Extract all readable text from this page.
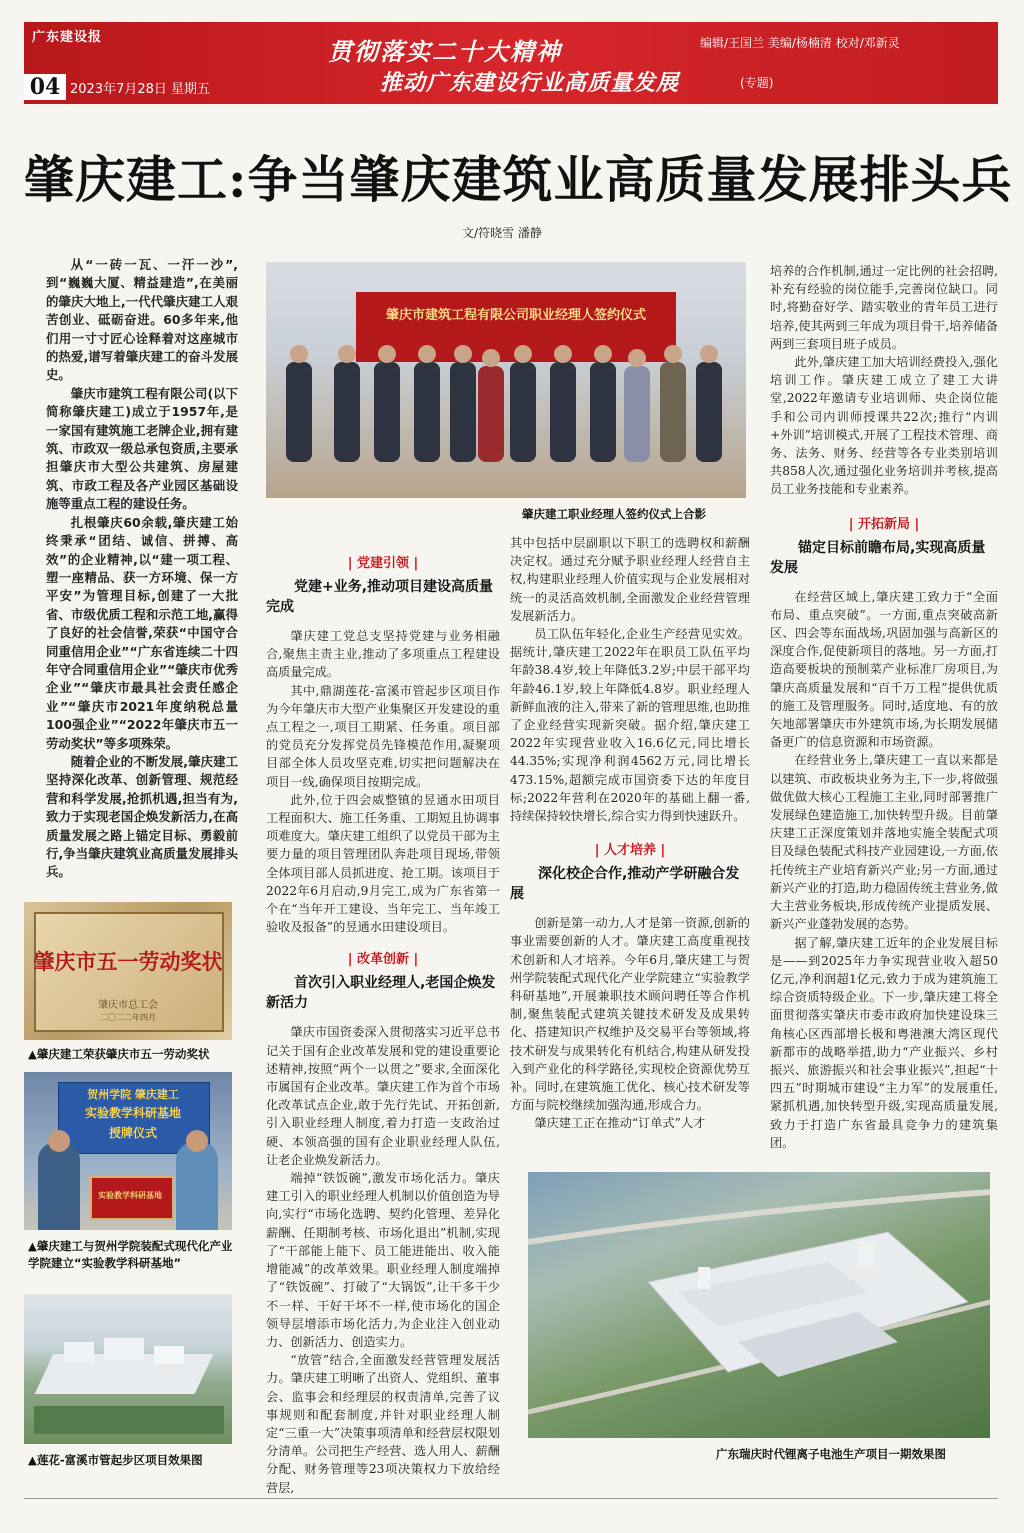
广东建设报
04 2023年7月28日 星期五
贯彻落实二十大精神
推动广东建设行业高质量发展	(专题)
编辑/王国兰 美编/杨楠清 校对/邓新灵
肇庆建工:争当肇庆建筑业高质量发展排头兵
文/符晓雪 潘静

从“一砖一瓦、一汗一沙”,到“巍巍大厦、精益建造”,在美丽的肇庆大地上,一代代肇庆建工人艰苦创业、砥砺奋进。60多年来,他们用一寸寸匠心诠释着对这座城市的热爱,谱写着肇庆建工的奋斗发展史。

肇庆市建筑工程有限公司(以下简称肇庆建工)成立于1957年,是一家国有建筑施工老牌企业,拥有建筑、市政双一级总承包资质,主要承担肇庆市大型公共建筑、房屋建筑、市政工程及各产业园区基础设施等重点工程的建设任务。

扎根肇庆60余载,肇庆建工始终秉承“团结、诚信、拼搏、高效”的企业精神,以“建一项工程、塑一座精品、获一方环境、保一方平安”为管理目标,创建了一大批省、市级优质工程和示范工地,赢得了良好的社会信誉,荣获“中国守合同重信用企业”“广东省连续二十四年守合同重信用企业”“肇庆市优秀企业”“肇庆市最具社会责任感企业”“肇庆市2021年度纳税总量100强企业”“2022年肇庆市五一劳动奖状”等多项殊荣。

随着企业的不断发展,肇庆建工坚持深化改革、创新管理、规范经营和科学发展,抢抓机遇,担当有为,致力于实现老国企焕发新活力,在高质量发展之路上锚定目标、勇毅前行,争当肇庆建筑业高质量发展排头兵。

肇庆市五一劳动奖状
肇庆市总工会
二〇二二年四月
▲肇庆建工荣获肇庆市五一劳动奖状
贺州学院 肇庆建工
实验教学科研基地
授牌仪式
实验教学科研基地
▲肇庆建工与贺州学院装配式现代化产业学院建立“实验教学科研基地”
▲莲花-富溪市管起步区项目效果图
肇庆市建筑工程有限公司职业经理人签约仪式
肇庆建工职业经理人签约仪式上合影
| 党建引领 |
党建+业务,推动项目建设高质量完成

肇庆建工党总支坚持党建与业务相融合,聚焦主责主业,推动了多项重点工程建设高质量完成。

其中,鼎湖莲花-富溪市管起步区项目作为今年肇庆市大型产业集聚区开发建设的重点工程之一,项目工期紧、任务重。项目部的党员充分发挥党员先锋模范作用,凝聚项目部全体人员攻坚克难,切实把问题解决在项目一线,确保项目按期完成。

此外,位于四会威整镇的昱通水田项目工程面积大、施工任务重、工期短且协调事项难度大。肇庆建工组织了以党员干部为主要力量的项目管理团队奔赴项目现场,带领全体项目部人员抓进度、抢工期。该项目于2022年6月启动,9月完工,成为广东省第一个在“当年开工建设、当年完工、当年竣工验收及报备”的昱通水田建设项目。

| 改革创新 |
首次引入职业经理人,老国企焕发新活力

肇庆市国资委深入贯彻落实习近平总书记关于国有企业改革发展和党的建设重要论述精神,按照“两个一以贯之”要求,全面深化市属国有企业改革。肇庆建工作为首个市场化改革试点企业,敢于先行先试、开拓创新,引入职业经理人制度,着力打造一支政治过硬、本领高强的国有企业职业经理人队伍,让老企业焕发新活力。

端掉“铁饭碗”,激发市场化活力。肇庆建工引入的职业经理人机制以价值创造为导向,实行“市场化选聘、契约化管理、差异化薪酬、任期制考核、市场化退出”机制,实现了“干部能上能下、员工能进能出、收入能增能减”的改革效果。职业经理人制度端掉了“铁饭碗”、打破了“大锅饭”,让干多干少不一样、干好干坏不一样,使市场化的国企领导层增添市场化活力,为企业注入创业动力、创新活力、创造实力。

“放管”结合,全面激发经营管理发展活力。肇庆建工明晰了出资人、党组织、董事会、监事会和经理层的权责清单,完善了议事规则和配套制度,并针对职业经理人制定“三重一大”决策事项清单和经营层权限划分清单。公司把生产经营、选人用人、薪酬分配、财务管理等23项决策权力下放给经营层,

其中包括中层副职以下职工的选聘权和薪酬决定权。通过充分赋予职业经理人经营自主权,构建职业经理人价值实现与企业发展相对统一的灵活高效机制,全面激发企业经营管理发展新活力。

员工队伍年轻化,企业生产经营见实效。据统计,肇庆建工2022年在职员工队伍平均年龄38.4岁,较上年降低3.2岁;中层干部平均年龄46.1岁,较上年降低4.8岁。职业经理人新鲜血液的注入,带来了新的管理思维,也助推了企业经营实现新突破。据介绍,肇庆建工2022年实现营业收入16.6亿元,同比增长44.35%;实现净利润4562万元,同比增长473.15%,超额完成市国资委下达的年度目标;2022年营利在2020年的基础上翻一番,持续保持较快增长,综合实力得到快速跃升。

| 人才培养 |
深化校企合作,推动产学研融合发展

创新是第一动力,人才是第一资源,创新的事业需要创新的人才。肇庆建工高度重视技术创新和人才培养。今年6月,肇庆建工与贺州学院装配式现代化产业学院建立“实验教学科研基地”,开展兼职技术顾问聘任等合作机制,聚焦装配式建筑关键技术研发及成果转化、搭建知识产权维护及交易平台等领域,将技术研发与成果转化有机结合,构建从研发投入到产业化的科学路径,实现校企资源优势互补。同时,在建筑施工优化、核心技术研发等方面与院校继续加强沟通,形成合力。

肇庆建工正在推动“订单式”人才

培养的合作机制,通过一定比例的社会招聘,补充有经验的岗位能手,完善岗位缺口。同时,将勤奋好学、踏实敬业的青年员工进行培养,使其两到三年成为项目骨干,培养储备两到三套项目班子成员。

此外,肇庆建工加大培训经费投入,强化培训工作。肇庆建工成立了建工大讲堂,2022年邀请专业培训师、央企岗位能手和公司内训师授课共22次;推行“内训+外训”培训模式,开展了工程技术管理、商务、法务、财务、经营等各专业类别培训共858人次,通过强化业务培训并考核,提高员工业务技能和专业素养。

| 开拓新局 |
锚定目标前瞻布局,实现高质量发展

在经营区域上,肇庆建工致力于“全面布局、重点突破”。一方面,重点突破高新区、四会等东面战场,巩固加强与高新区的深度合作,促使新项目的落地。另一方面,打造高要板块的预制菜产业标准厂房项目,为肇庆高质量发展和“百千万工程”提供优质的施工及管理服务。同时,适度地、有的放矢地部署肇庆市外建筑市场,为长期发展储备更广的信息资源和市场资源。

在经营业务上,肇庆建工一直以来都是以建筑、市政板块业务为主,下一步,将做强做优做大核心工程施工主业,同时部署推广发展绿色建造施工,加快转型升级。目前肇庆建工正深度策划并落地实施全装配式项目及绿色装配式科技产业园建设,一方面,依托传统主产业培育新兴产业;另一方面,通过新兴产业的打造,助力稳固传统主营业务,做大主营业务板块,形成传统产业提质发展、新兴产业蓬勃发展的态势。

据了解,肇庆建工近年的企业发展目标是——到2025年力争实现营业收入超50亿元,净利润超1亿元,致力于成为建筑施工综合资质特级企业。下一步,肇庆建工将全面贯彻落实肇庆市委市政府加快建设珠三角核心区西部增长极和粤港澳大湾区现代新都市的战略举措,助力“产业振兴、乡村振兴、旅游振兴和社会事业振兴”,担起“十四五”时期城市建设“主力军”的发展重任,紧抓机遇,加快转型升级,实现高质量发展,致力于打造广东省最具竞争力的建筑集团。

广东瑞庆时代锂离子电池生产项目一期效果图
